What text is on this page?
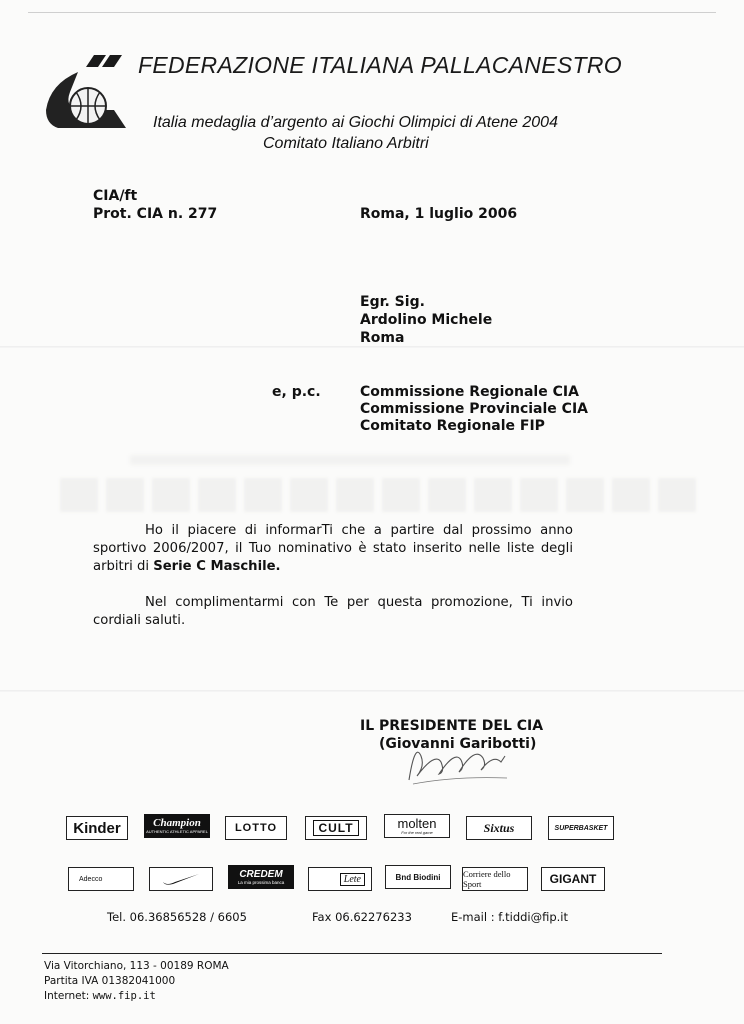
FEDERAZIONE ITALIANA PALLACANESTRO
Italia medaglia d’argento ai Giochi Olimpici di Atene 2004
Comitato Italiano Arbitri
CIA/ft
Prot. CIA n. 277	Roma, 1 luglio 2006
Egr. Sig.
Ardolino Michele
Roma
e, p.c.	Commissione Regionale CIA
Commissione Provinciale CIA
Comitato Regionale FIP
Ho il piacere di informarTi che a partire dal prossimo anno sportivo 2006/2007, il Tuo nominativo è stato inserito nelle liste degli arbitri di Serie C Maschile.
Nel complimentarmi con Te per questa promozione, Ti invio cordiali saluti.
IL PRESIDENTE DEL CIA
(Giovanni Garibotti)
Kinder	Champion
AUTHENTIC ATHLETIC APPAREL LOTTO	CULT	molten
For the real game	Sixtus	SUPERBASKET
Adecco	CREDEM
La mia prossima banca	Lete	Bnd Biodini	Corriere dello Sport	GIGANT
Tel. 06.36856528 / 6605	Fax 06.62276233	E-mail : f.tiddi@fip.it
Via Vitorchiano, 113 - 00189 ROMA
Partita IVA 01382041000
Internet: www.fip.it
